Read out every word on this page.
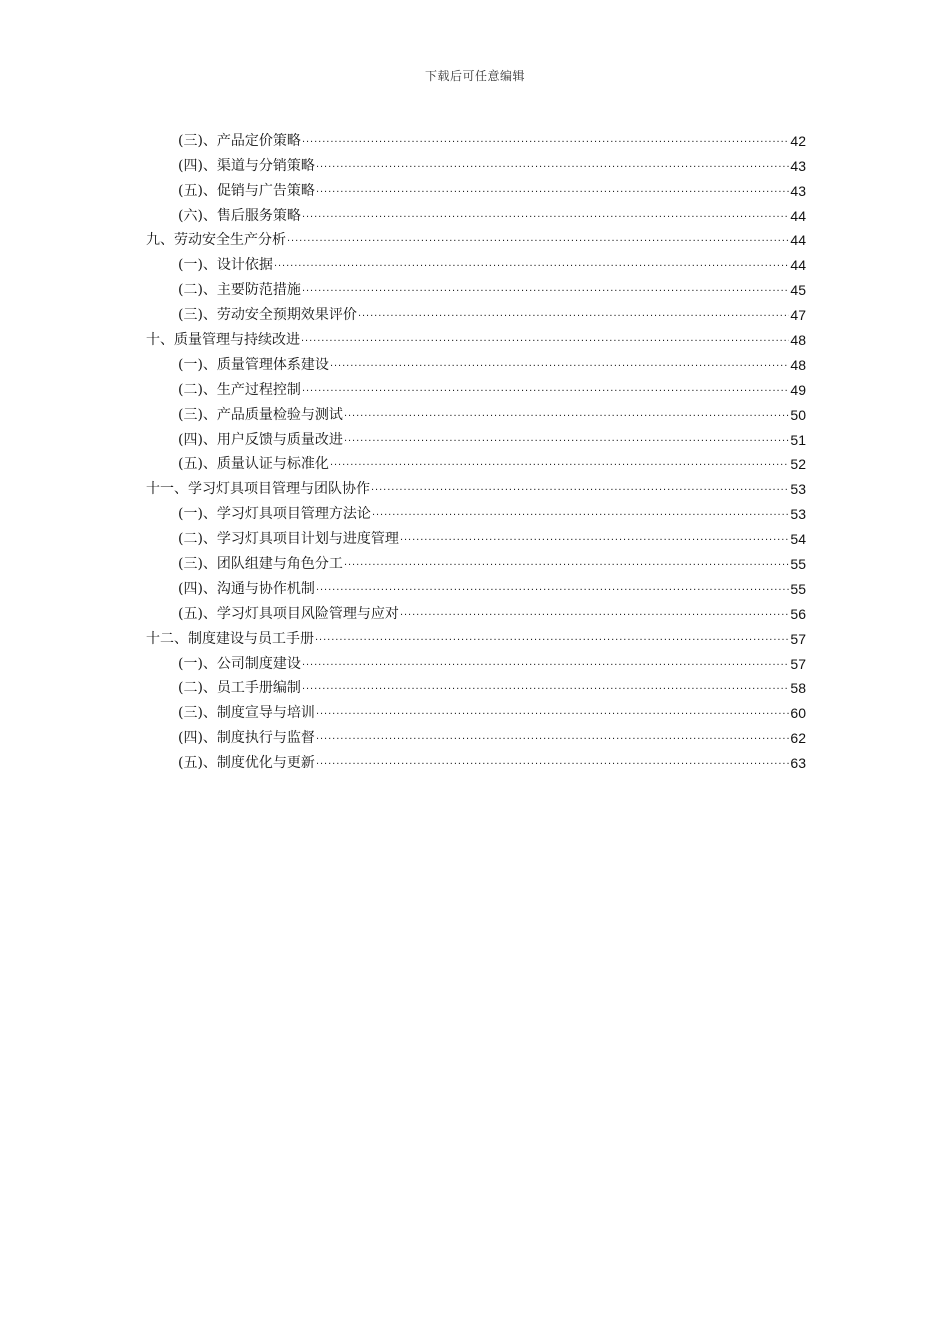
下载后可任意编辑
(三)、产品定价策略 .....	42
(四)、渠道与分销策略 .....	43
(五)、促销与广告策略 .....	43
(六)、售后服务策略 .....	44
九、劳动安全生产分析 .....	44
(一)、设计依据 .....	44
(二)、主要防范措施 .....	45
(三)、劳动安全预期效果评价 .....	47
十、质量管理与持续改进 .....	48
(一)、质量管理体系建设 .....	48
(二)、生产过程控制 .....	49
(三)、产品质量检验与测试 .....	50
(四)、用户反馈与质量改进 .....	51
(五)、质量认证与标准化 .....	52
十一、学习灯具项目管理与团队协作 .....	53
(一)、学习灯具项目管理方法论 .....	53
(二)、学习灯具项目计划与进度管理 .....	54
(三)、团队组建与角色分工 .....	55
(四)、沟通与协作机制 .....	55
(五)、学习灯具项目风险管理与应对 .....	56
十二、制度建设与员工手册 .....	57
(一)、公司制度建设 .....	57
(二)、员工手册编制 .....	58
(三)、制度宣导与培训 .....	60
(四)、制度执行与监督 .....	62
(五)、制度优化与更新 .....	63
